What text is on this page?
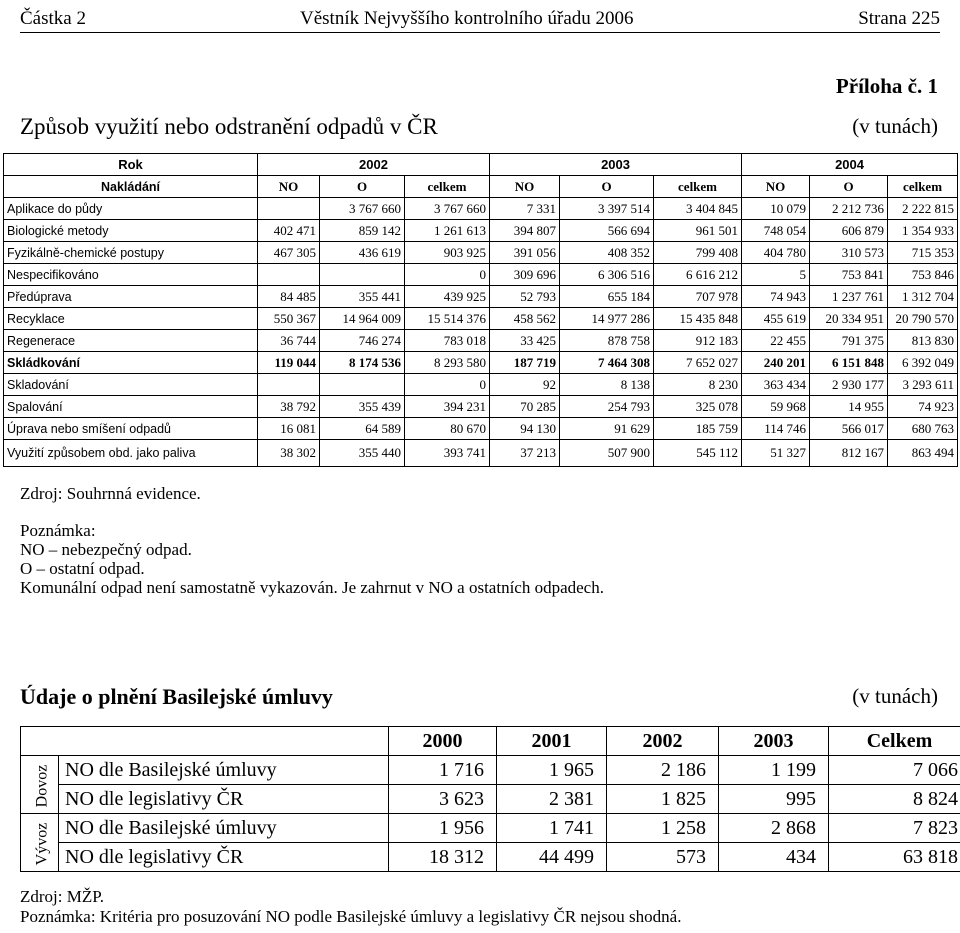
Částka 2	Věstník Nejvyššího kontrolního úřadu 2006	Strana 225
Příloha č. 1
Způsob využití nebo odstranění odpadů v ČR	(v tunách)
Rok	2002			2003			2004		
Nakládání	NO	O	celkem	NO	O	celkem	NO	O	celkem
Aplikace do půdy		3 767 660	3 767 660	7 331	3 397 514	3 404 845	10 079	2 212 736	2 222 815
Biologické metody	402 471	859 142	1 261 613	394 807	566 694	961 501	748 054	606 879	1 354 933
Fyzikálně-chemické postupy	467 305	436 619	903 925	391 056	408 352	799 408	404 780	310 573	715 353
Nespecifikováno			0	309 696	6 306 516	6 616 212	5	753 841	753 846
Předúprava	84 485	355 441	439 925	52 793	655 184	707 978	74 943	1 237 761	1 312 704
Recyklace	550 367	14 964 009	15 514 376	458 562	14 977 286	15 435 848	455 619	20 334 951	20 790 570
Regenerace	36 744	746 274	783 018	33 425	878 758	912 183	22 455	791 375	813 830
Skládkování	119 044	8 174 536	8 293 580	187 719	7 464 308	7 652 027	240 201	6 151 848	6 392 049
Skladování			0	92	8 138	8 230	363 434	2 930 177	3 293 611
Spalování	38 792	355 439	394 231	70 285	254 793	325 078	59 968	14 955	74 923
Úprava nebo smíšení odpadů	16 081	64 589	80 670	94 130	91 629	185 759	114 746	566 017	680 763
Využití způsobem obd. jako paliva	38 302	355 440	393 741	37 213	507 900	545 112	51 327	812 167	863 494

Zdroj: Souhrnná evidence.

Poznámka:

NO – nebezpečný odpad.

O – ostatní odpad.

Komunální odpad není samostatně vykazován. Je zahrnut v NO a ostatních odpadech.

Údaje o plnění Basilejské úmluvy	(v tunách)
		2000	2001	2002	2003	Celkem
Dovoz	NO dle Basilejské úmluvy	1 716	1 965	2 186	1 199	7 066
	NO dle legislativy ČR	3 623	2 381	1 825	995	8 824
Vývoz	NO dle Basilejské úmluvy	1 956	1 741	1 258	2 868	7 823
	NO dle legislativy ČR	18 312	44 499	573	434	63 818

Zdroj: MŽP.

Poznámka: Kritéria pro posuzování NO podle Basilejské úmluvy a legislativy ČR nejsou shodná.
